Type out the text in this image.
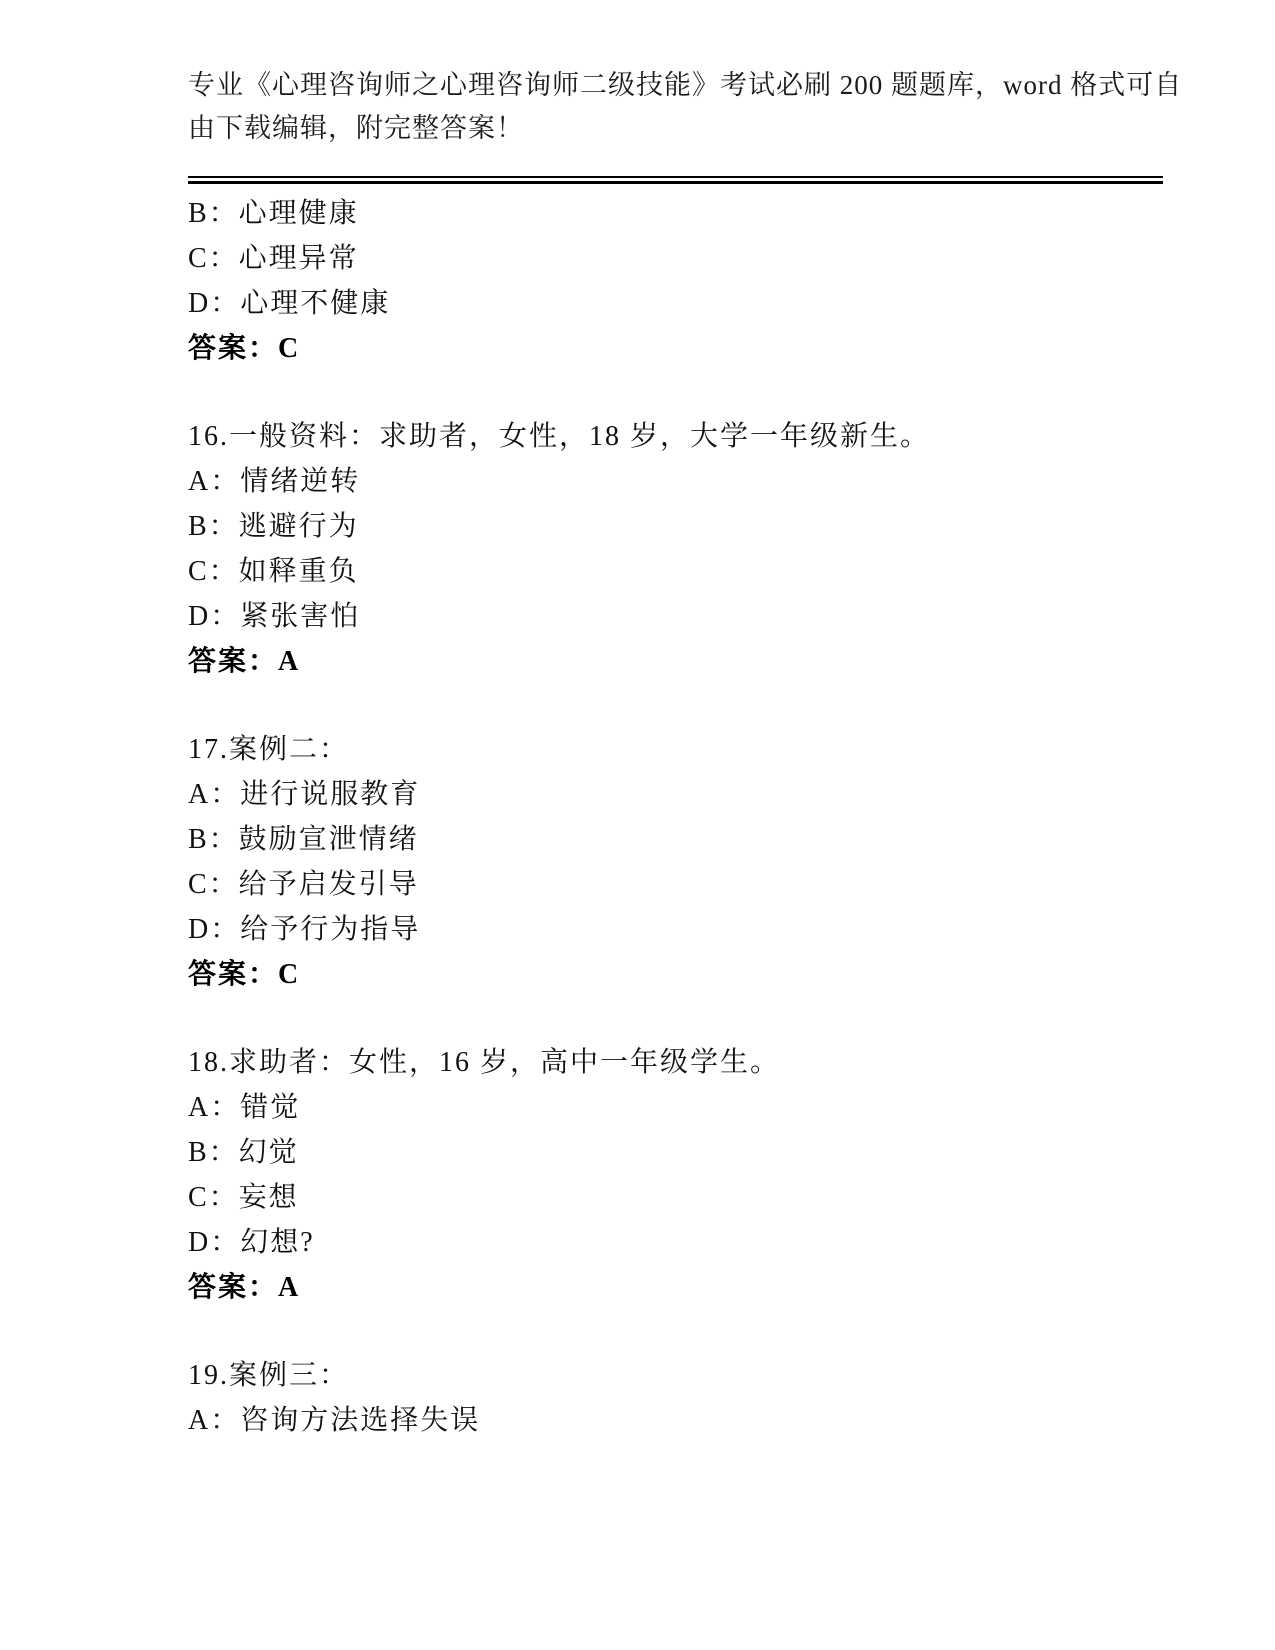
专业《心理咨询师之心理咨询师二级技能》考试必刷 200 题题库，word 格式可自
由下载编辑，附完整答案！

B：心理健康

C：心理异常

D：心理不健康

答案：C

16.一般资料：求助者，女性，18 岁，大学一年级新生。

A：情绪逆转

B：逃避行为

C：如释重负

D：紧张害怕

答案：A

17.案例二：

A：进行说服教育

B：鼓励宣泄情绪

C：给予启发引导

D：给予行为指导

答案：C

18.求助者：女性，16 岁，高中一年级学生。

A：错觉

B：幻觉

C：妄想

D：幻想?

答案：A

19.案例三：

A：咨询方法选择失误
